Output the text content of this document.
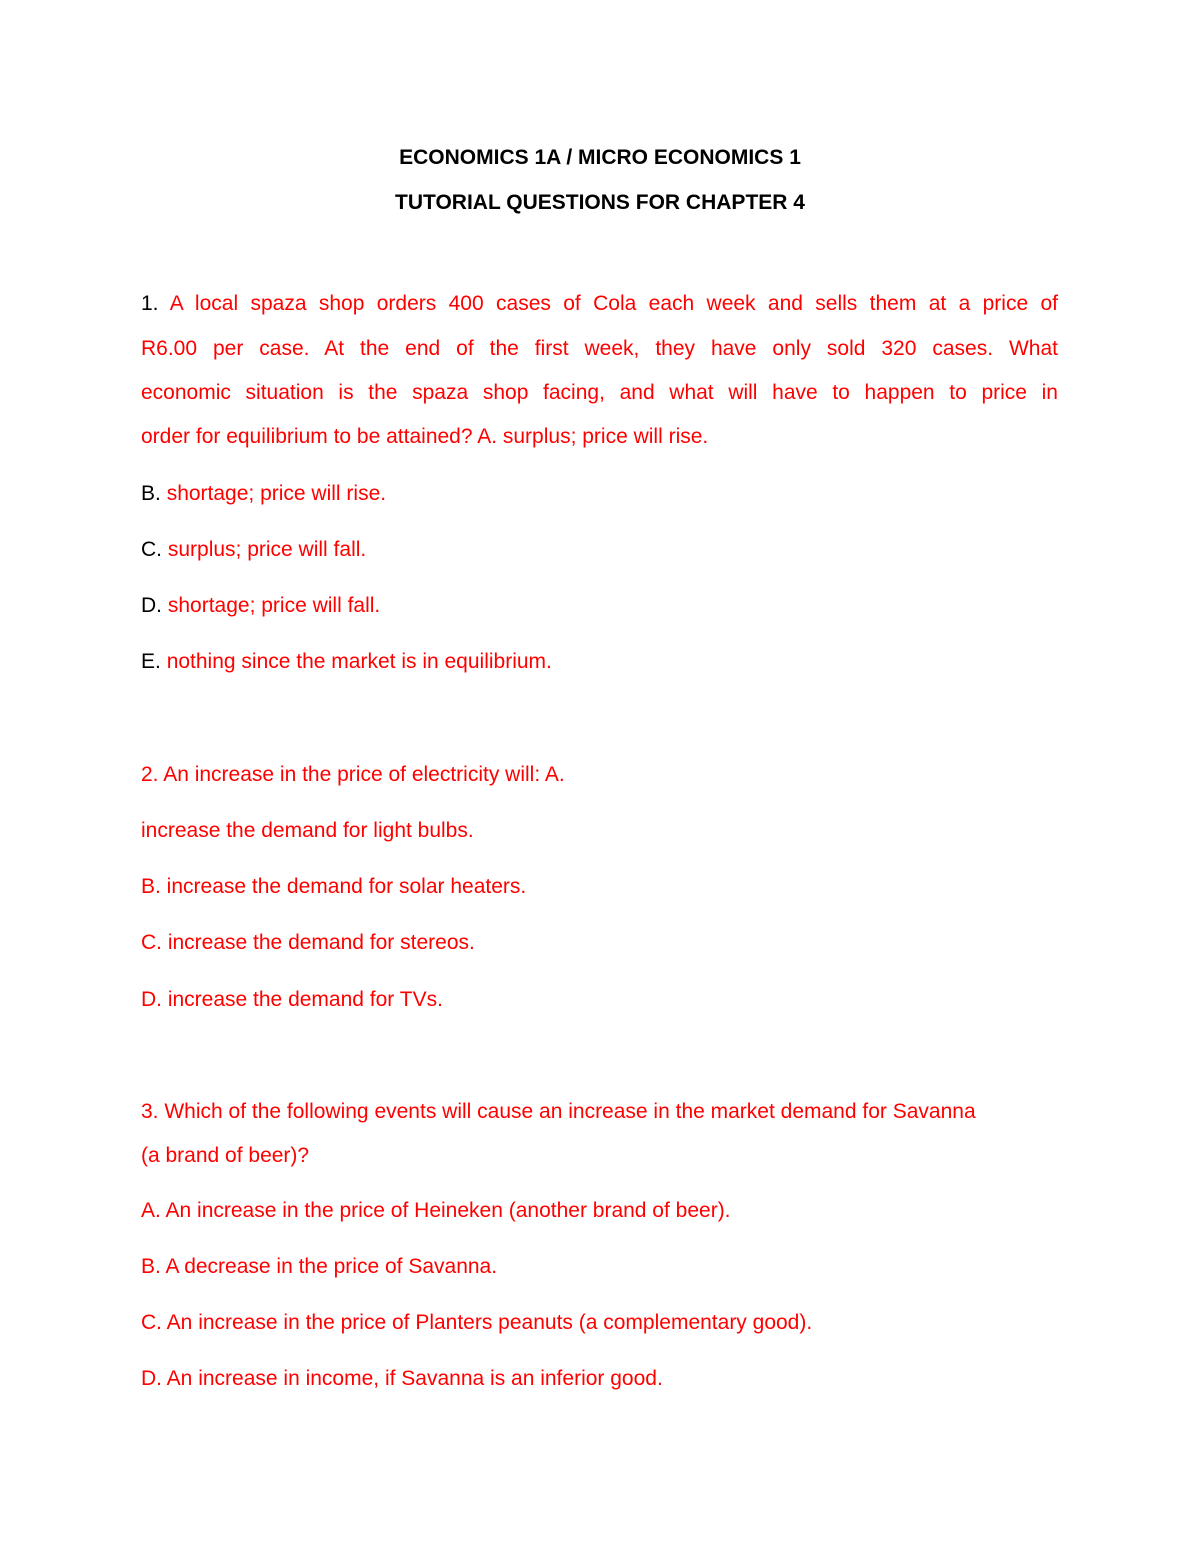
ECONOMICS 1A / MICRO ECONOMICS 1
TUTORIAL QUESTIONS FOR CHAPTER 4
1. A local spaza shop orders 400 cases of Cola each week and sells them at a price of
R6.00 per case. At the end of the first week, they have only sold 320 cases. What
economic situation is the spaza shop facing, and what will have to happen to price in
order for equilibrium to be attained? A. surplus; price will rise.
B. shortage; price will rise.
C. surplus; price will fall.
D. shortage; price will fall.
E. nothing since the market is in equilibrium.
2. An increase in the price of electricity will: A.
increase the demand for light bulbs.
B. increase the demand for solar heaters.
C. increase the demand for stereos.
D. increase the demand for TVs.
3. Which of the following events will cause an increase in the market demand for Savanna
(a brand of beer)?
A. An increase in the price of Heineken (another brand of beer).
B. A decrease in the price of Savanna.
C. An increase in the price of Planters peanuts (a complementary good).
D. An increase in income, if Savanna is an inferior good.
